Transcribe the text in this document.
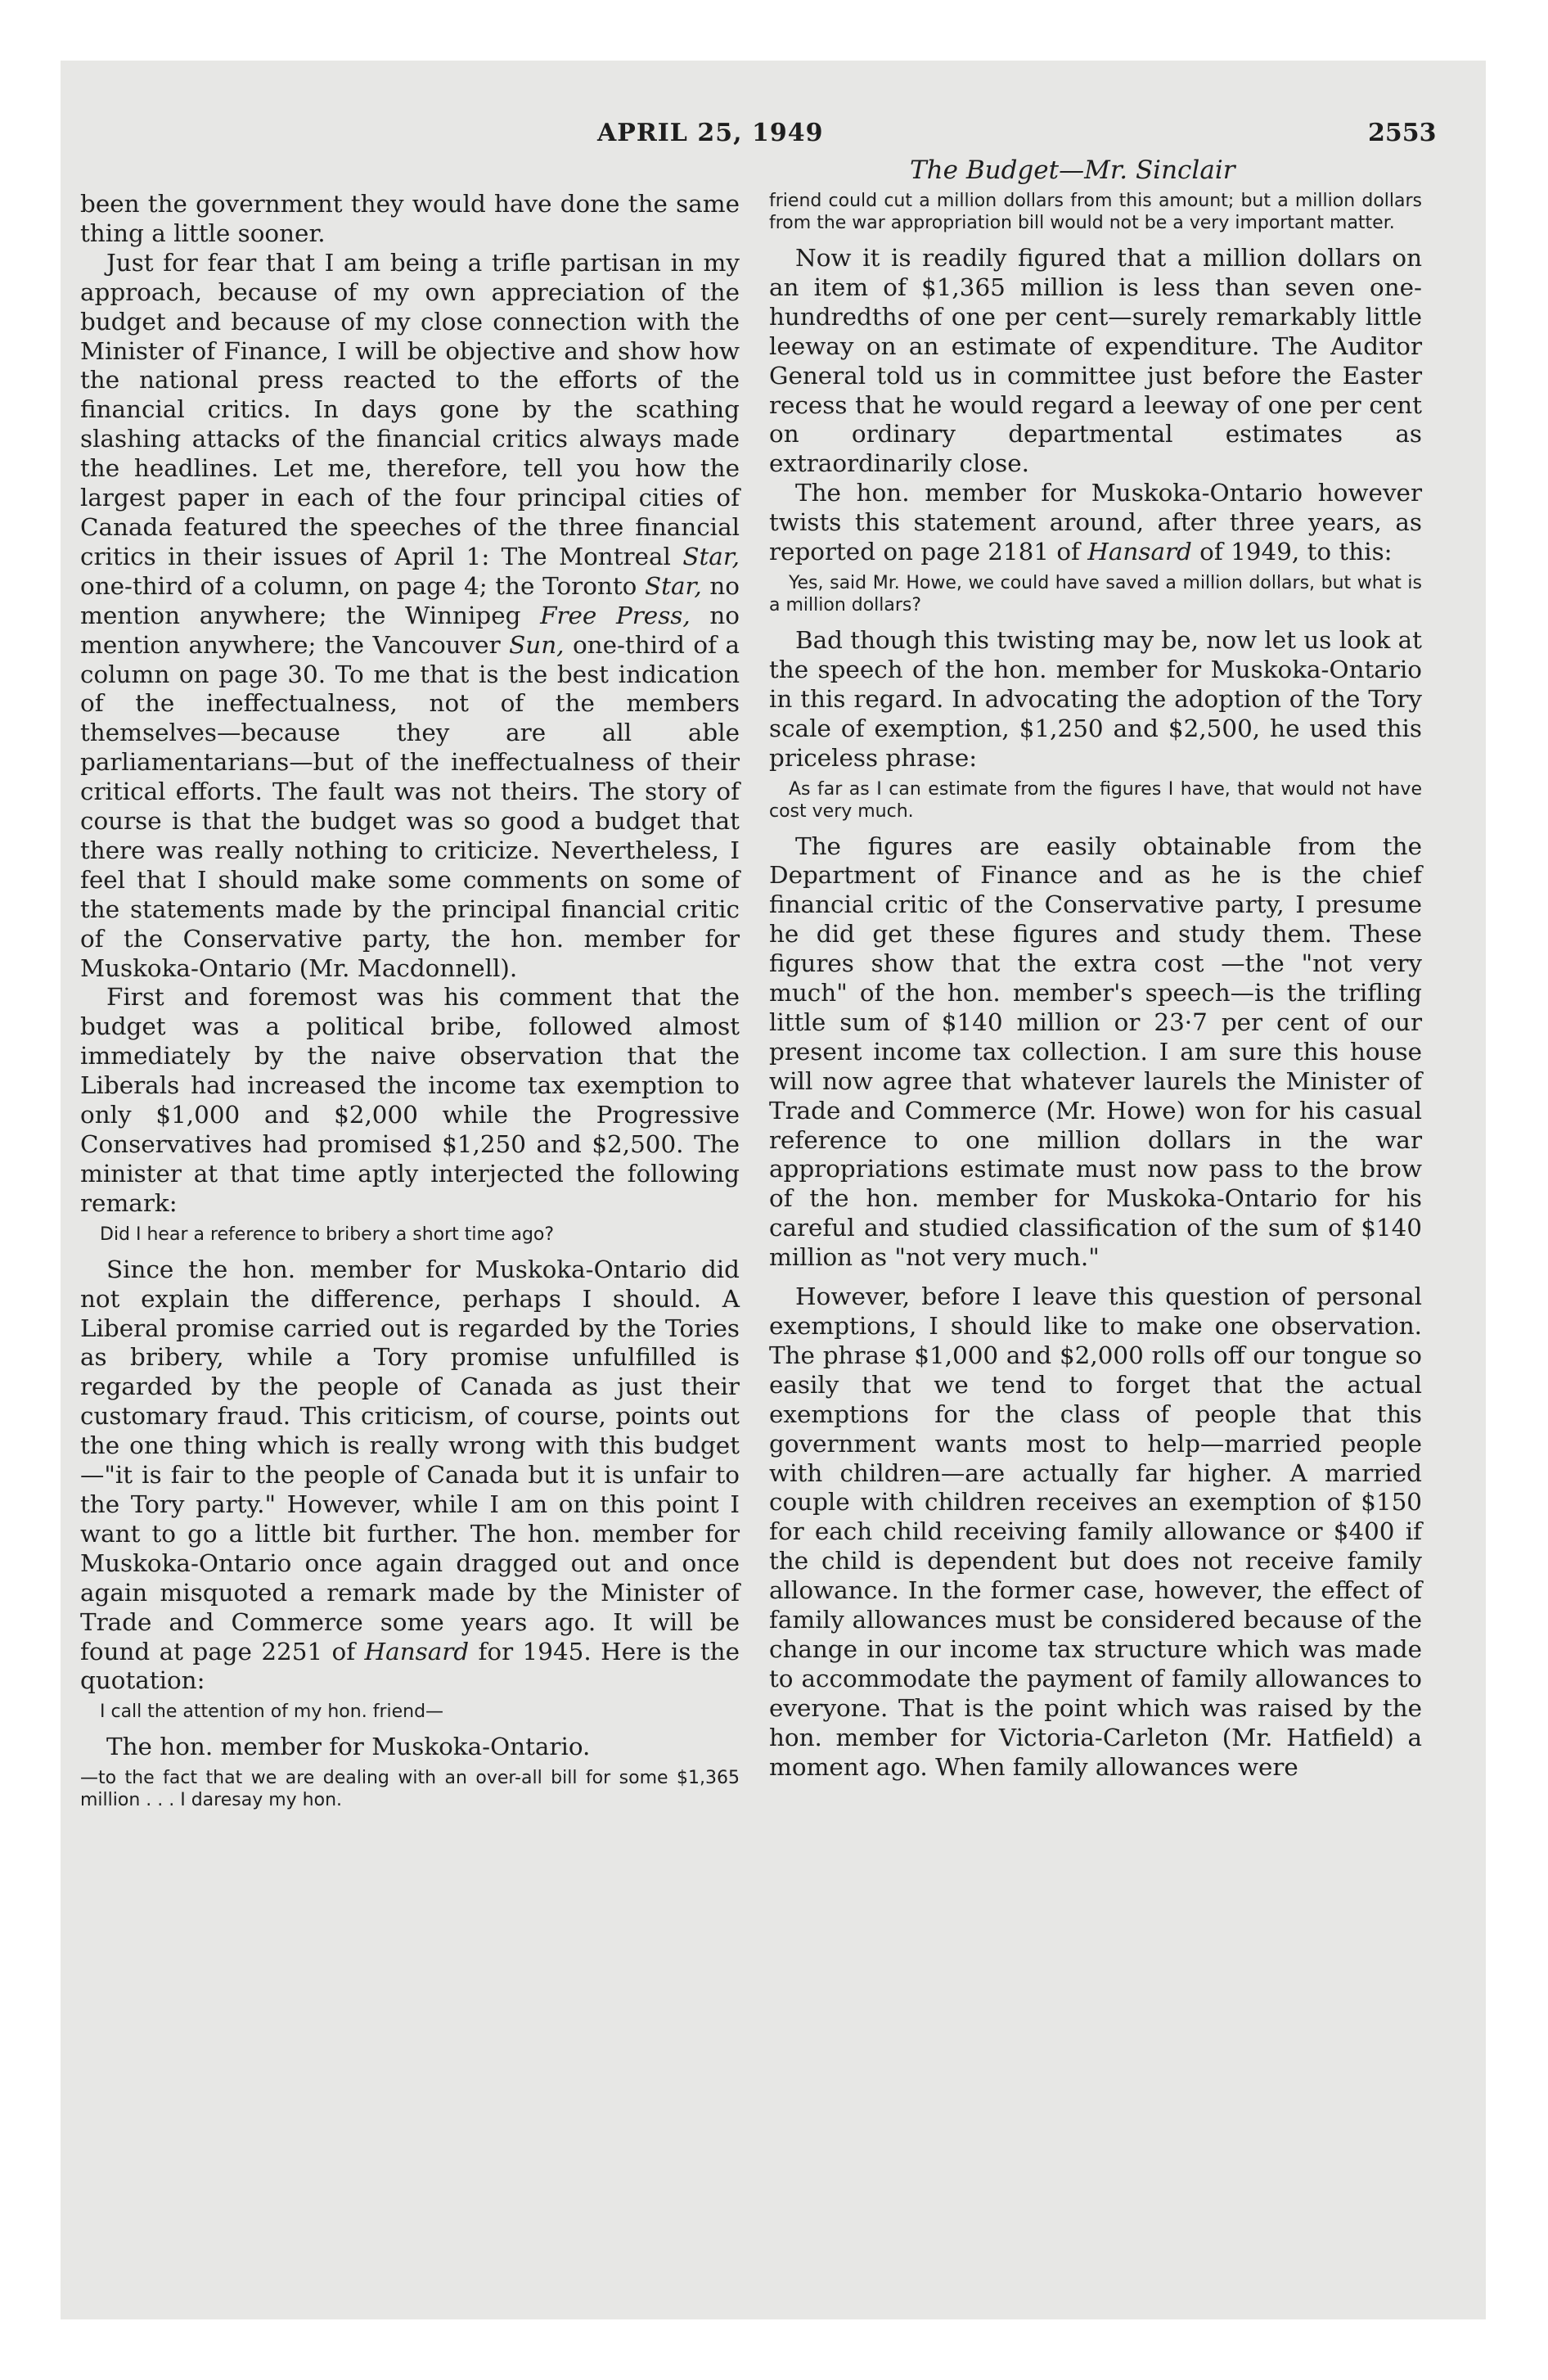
APRIL 25, 1949	2553
The Budget—Mr. Sinclair

been the government they would have done the same thing a little sooner.

Just for fear that I am being a trifle partisan in my approach, because of my own appreciation of the budget and because of my close connection with the Minister of Finance, I will be objective and show how the national press reacted to the efforts of the financial critics. In days gone by the scathing slashing attacks of the financial critics always made the headlines. Let me, therefore, tell you how the largest paper in each of the four principal cities of Canada featured the speeches of the three financial critics in their issues of April 1: The Montreal Star, one-third of a column, on page 4; the Toronto Star, no mention anywhere; the Winnipeg Free Press, no mention anywhere; the Vancouver Sun, one-third of a column on page 30. To me that is the best indication of the ineffectualness, not of the members themselves—because they are all able parliamentarians—but of the ineffectualness of their critical efforts. The fault was not theirs. The story of course is that the budget was so good a budget that there was really nothing to criticize. Nevertheless, I feel that I should make some comments on some of the statements made by the principal financial critic of the Conservative party, the hon. member for Muskoka-Ontario (Mr. Macdonnell).

First and foremost was his comment that the budget was a political bribe, followed almost immediately by the naive observation that the Liberals had increased the income tax exemption to only $1,000 and $2,000 while the Progressive Conservatives had promised $1,250 and $2,500. The minister at that time aptly interjected the following remark:

Did I hear a reference to bribery a short time ago?

Since the hon. member for Muskoka-Ontario did not explain the difference, perhaps I should. A Liberal promise carried out is regarded by the Tories as bribery, while a Tory promise unfulfilled is regarded by the people of Canada as just their customary fraud. This criticism, of course, points out the one thing which is really wrong with this budget—"it is fair to the people of Canada but it is unfair to the Tory party." However, while I am on this point I want to go a little bit further. The hon. member for Muskoka-Ontario once again dragged out and once again misquoted a remark made by the Minister of Trade and Commerce some years ago. It will be found at page 2251 of Hansard for 1945. Here is the quotation:

I call the attention of my hon. friend—

The hon. member for Muskoka-Ontario.

—to the fact that we are dealing with an over-all bill for some $1,365 million . . . I daresay my hon.

friend could cut a million dollars from this amount; but a million dollars from the war appropriation bill would not be a very important matter.

Now it is readily figured that a million dollars on an item of $1,365 million is less than seven one-hundredths of one per cent—surely remarkably little leeway on an estimate of expenditure. The Auditor General told us in committee just before the Easter recess that he would regard a leeway of one per cent on ordinary departmental estimates as extraordinarily close.

The hon. member for Muskoka-Ontario however twists this statement around, after three years, as reported on page 2181 of Hansard of 1949, to this:

Yes, said Mr. Howe, we could have saved a million dollars, but what is a million dollars?

Bad though this twisting may be, now let us look at the speech of the hon. member for Muskoka-Ontario in this regard. In advocating the adoption of the Tory scale of exemption, $1,250 and $2,500, he used this priceless phrase:

As far as I can estimate from the figures I have, that would not have cost very much.

The figures are easily obtainable from the Department of Finance and as he is the chief financial critic of the Conservative party, I presume he did get these figures and study them. These figures show that the extra cost —the "not very much" of the hon. member's speech—is the trifling little sum of $140 million or 23·7 per cent of our present income tax collection. I am sure this house will now agree that whatever laurels the Minister of Trade and Commerce (Mr. Howe) won for his casual reference to one million dollars in the war appropriations estimate must now pass to the brow of the hon. member for Muskoka-Ontario for his careful and studied classification of the sum of $140 million as "not very much."

However, before I leave this question of personal exemptions, I should like to make one observation. The phrase $1,000 and $2,000 rolls off our tongue so easily that we tend to forget that the actual exemptions for the class of people that this government wants most to help—married people with children—are actually far higher. A married couple with children receives an exemption of $150 for each child receiving family allowance or $400 if the child is dependent but does not receive family allowance. In the former case, however, the effect of family allowances must be considered because of the change in our income tax structure which was made to accommodate the payment of family allowances to everyone. That is the point which was raised by the hon. member for Victoria-Carleton (Mr. Hatfield) a moment ago. When family allowances were
